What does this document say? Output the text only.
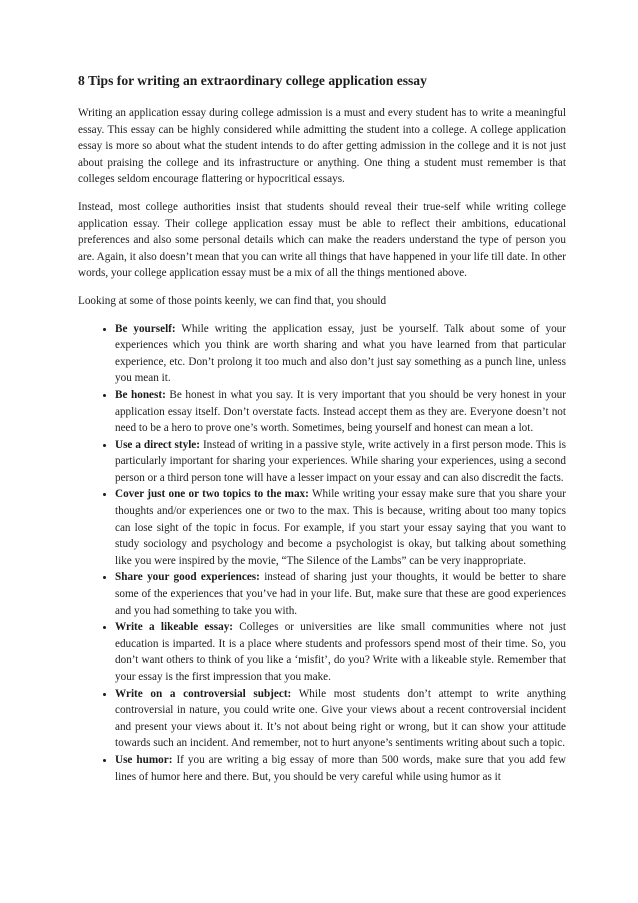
8 Tips for writing an extraordinary college application essay

Writing an application essay during college admission is a must and every student has to write a meaningful essay. This essay can be highly considered while admitting the student into a college. A college application essay is more so about what the student intends to do after getting admission in the college and it is not just about praising the college and its infrastructure or anything. One thing a student must remember is that colleges seldom encourage flattering or hypocritical essays.

Instead, most college authorities insist that students should reveal their true-self while writing college application essay. Their college application essay must be able to reflect their ambitions, educational preferences and also some personal details which can make the readers understand the type of person you are. Again, it also doesn’t mean that you can write all things that have happened in your life till date. In other words, your college application essay must be a mix of all the things mentioned above.

Looking at some of those points keenly, we can find that, you should

• Be yourself: While writing the application essay, just be yourself. Talk about some of your experiences which you think are worth sharing and what you have learned from that particular experience, etc. Don’t prolong it too much and also don’t just say something as a punch line, unless you mean it.
• Be honest: Be honest in what you say. It is very important that you should be very honest in your application essay itself. Don’t overstate facts. Instead accept them as they are. Everyone doesn’t not need to be a hero to prove one’s worth. Sometimes, being yourself and honest can mean a lot.
• Use a direct style: Instead of writing in a passive style, write actively in a first person mode. This is particularly important for sharing your experiences. While sharing your experiences, using a second person or a third person tone will have a lesser impact on your essay and can also discredit the facts.
• Cover just one or two topics to the max: While writing your essay make sure that you share your thoughts and/or experiences one or two to the max. This is because, writing about too many topics can lose sight of the topic in focus. For example, if you start your essay saying that you want to study sociology and psychology and become a psychologist is okay, but talking about something like you were inspired by the movie, “The Silence of the Lambs” can be very inappropriate.
• Share your good experiences: instead of sharing just your thoughts, it would be better to share some of the experiences that you’ve had in your life. But, make sure that these are good experiences and you had something to take you with.
• Write a likeable essay: Colleges or universities are like small communities where not just education is imparted. It is a place where students and professors spend most of their time. So, you don’t want others to think of you like a ‘misfit’, do you? Write with a likeable style. Remember that your essay is the first impression that you make.
• Write on a controversial subject: While most students don’t attempt to write anything controversial in nature, you could write one. Give your views about a recent controversial incident and present your views about it. It’s not about being right or wrong, but it can show your attitude towards such an incident. And remember, not to hurt anyone’s sentiments writing about such a topic.
• Use humor: If you are writing a big essay of more than 500 words, make sure that you add few lines of humor here and there. But, you should be very careful while using humor as it
